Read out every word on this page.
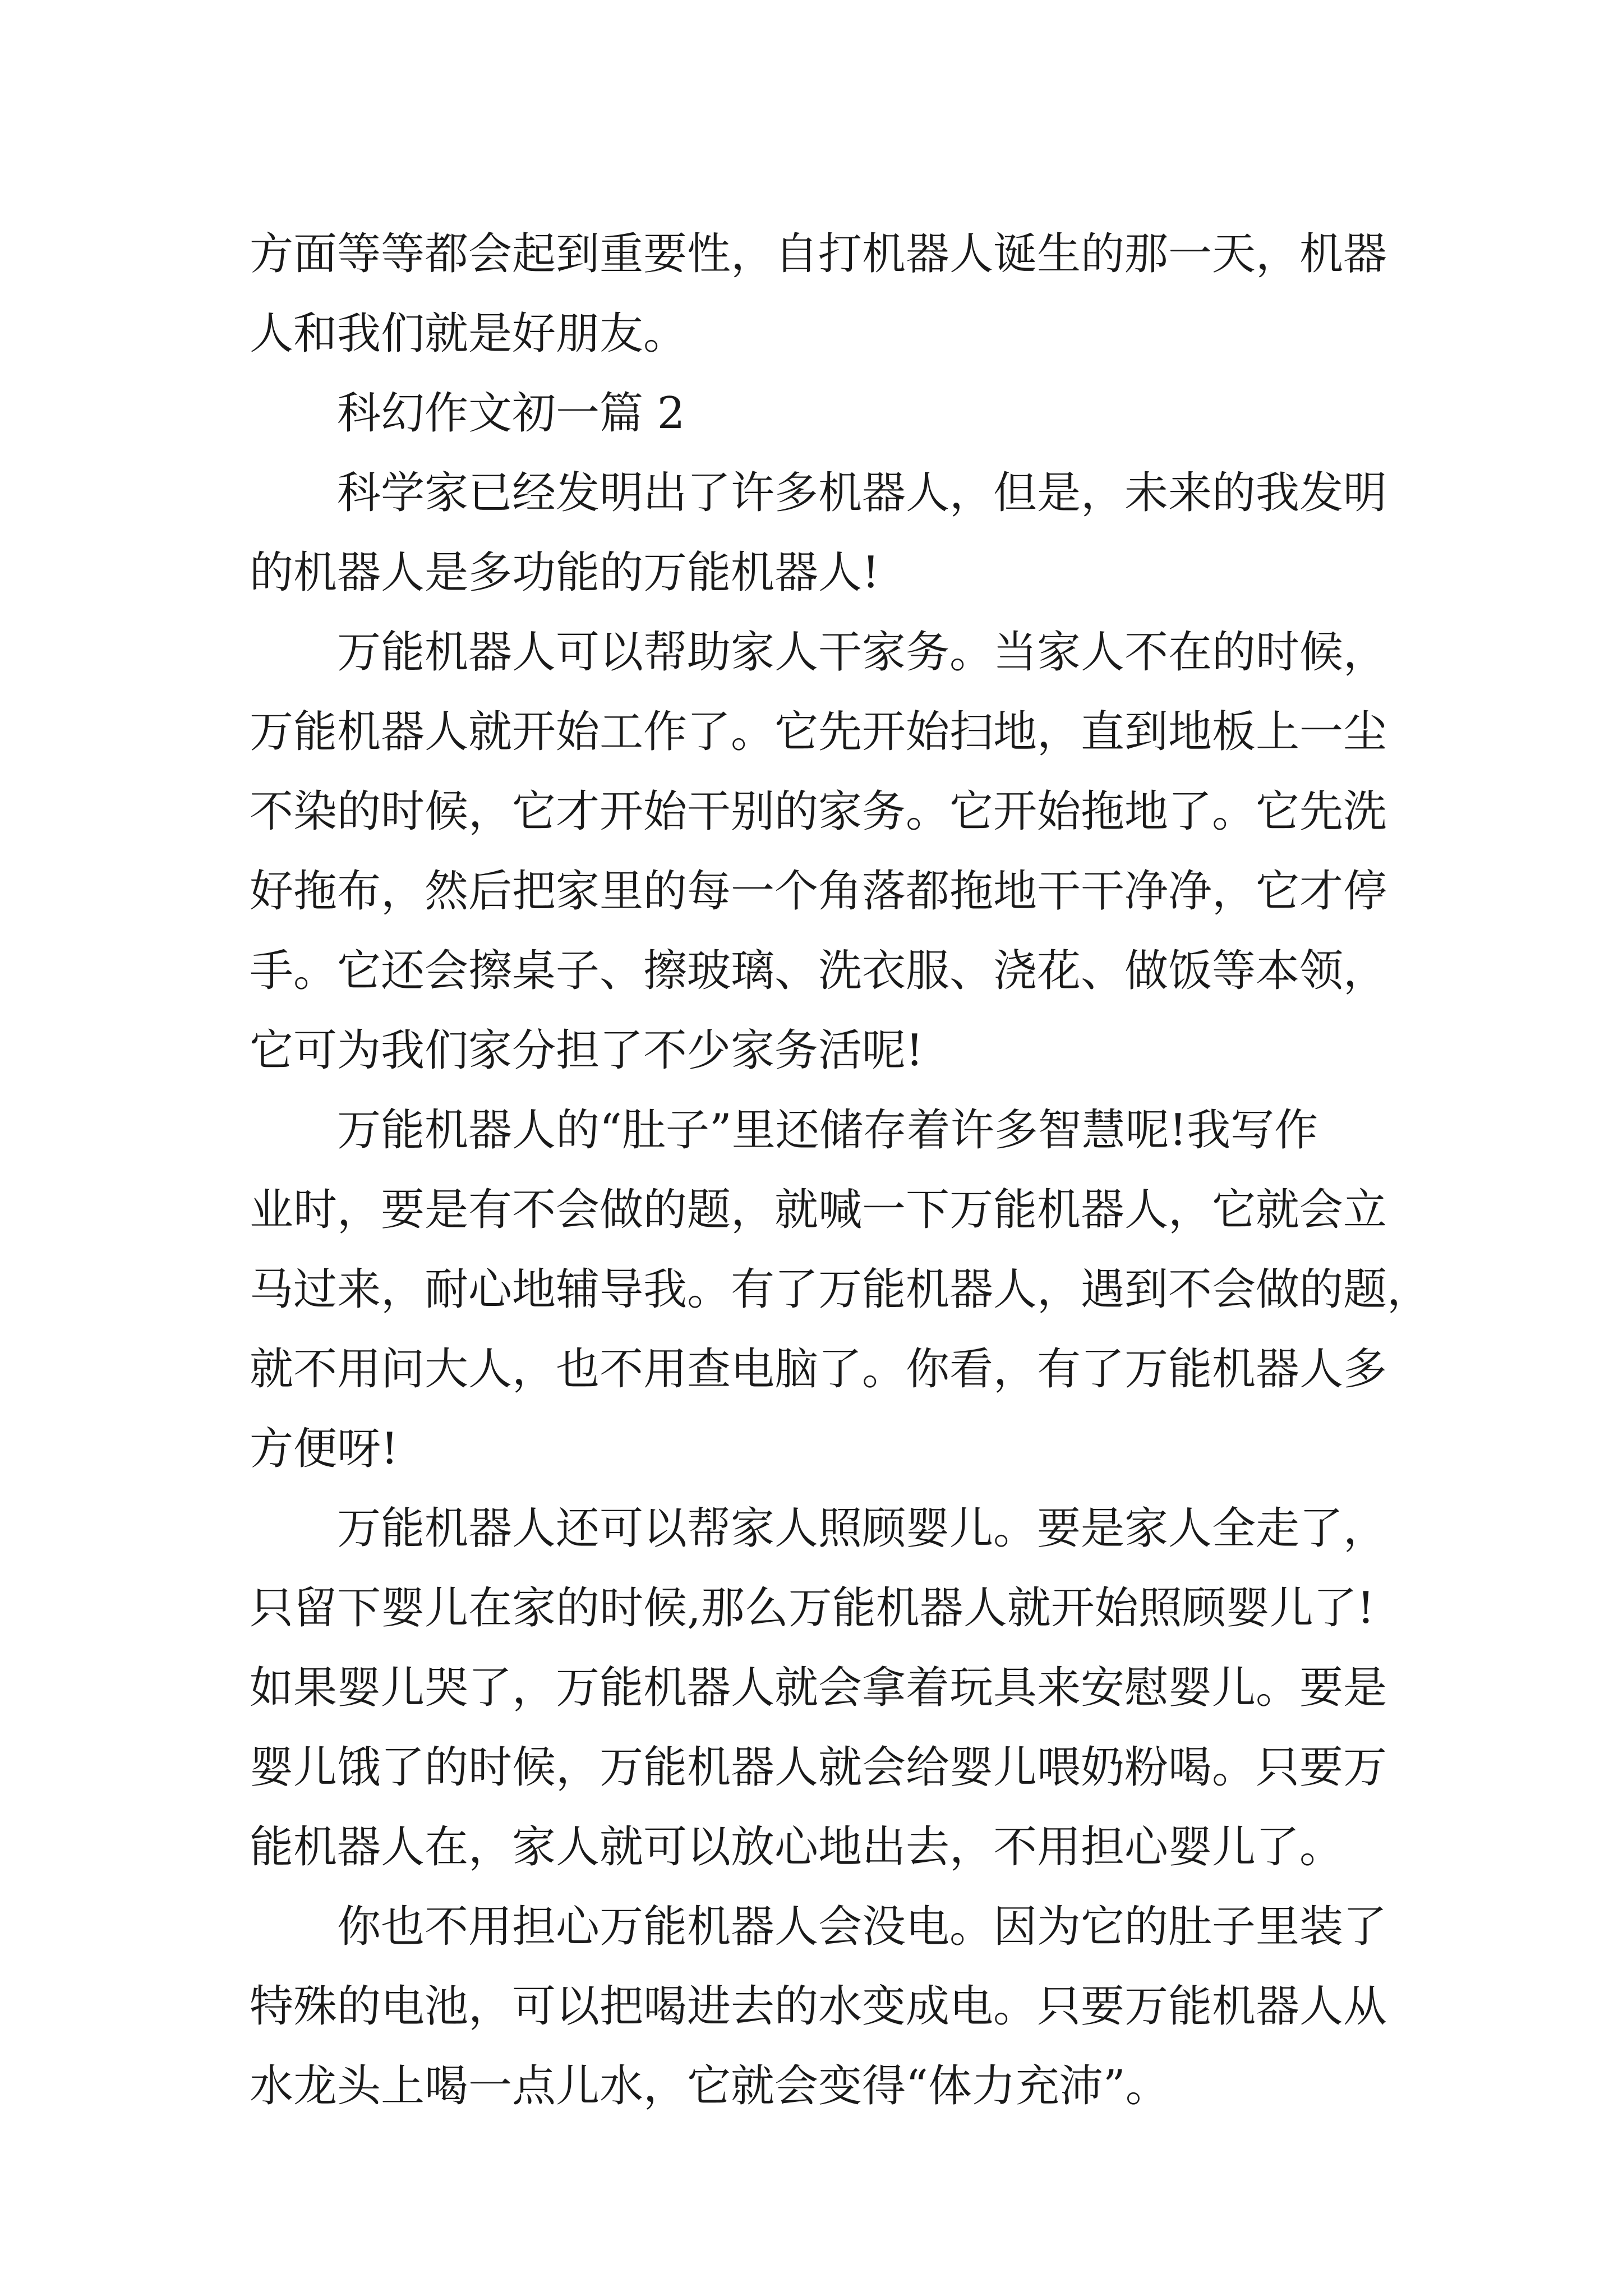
方面等等都会起到重要性，自打机器人诞生的那一天，机器
人和我们就是好朋友。
科幻作文初一篇 2
科学家已经发明出了许多机器人，但是，未来的我发明
的机器人是多功能的万能机器人!
万能机器人可以帮助家人干家务。当家人不在的时候，
万能机器人就开始工作了。它先开始扫地，直到地板上一尘
不染的时候，它才开始干别的家务。它开始拖地了。它先洗
好拖布，然后把家里的每一个角落都拖地干干净净，它才停
手。它还会擦桌子、擦玻璃、洗衣服、浇花、做饭等本领，
它可为我们家分担了不少家务活呢!
万能机器人的“肚子”里还储存着许多智慧呢!我写作
业时，要是有不会做的题，就喊一下万能机器人，它就会立
马过来，耐心地辅导我。有了万能机器人，遇到不会做的题，
就不用问大人，也不用查电脑了。你看，有了万能机器人多
方便呀!
万能机器人还可以帮家人照顾婴儿。要是家人全走了，
只留下婴儿在家的时候,那么万能机器人就开始照顾婴儿了!
如果婴儿哭了，万能机器人就会拿着玩具来安慰婴儿。要是
婴儿饿了的时候，万能机器人就会给婴儿喂奶粉喝。只要万
能机器人在，家人就可以放心地出去，不用担心婴儿了。
你也不用担心万能机器人会没电。因为它的肚子里装了
特殊的电池，可以把喝进去的水变成电。只要万能机器人从
水龙头上喝一点儿水，它就会变得“体力充沛”。
